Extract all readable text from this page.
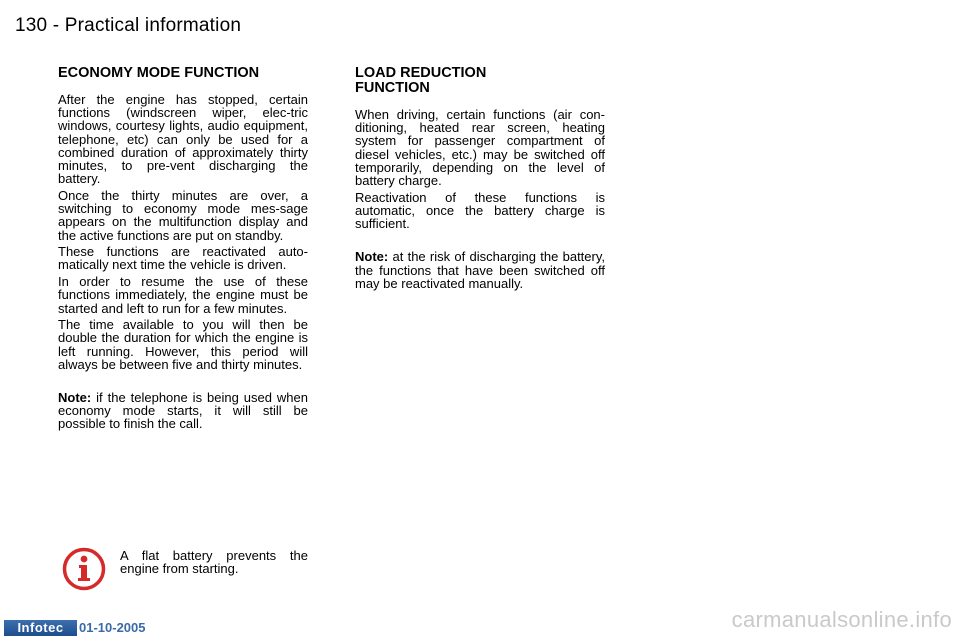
130 - Practical information
ECONOMY MODE FUNCTION

After the engine has stopped, certain functions (windscreen wiper, elec-tric windows, courtesy lights, audio equipment, telephone, etc) can only be used for a combined duration of approximately thirty minutes, to pre-vent discharging the battery.

Once the thirty minutes are over, a switching to economy mode mes-sage appears on the multifunction display and the active functions are put on standby.

These functions are reactivated auto-matically next time the vehicle is driven.

In order to resume the use of these functions immediately, the engine must be started and left to run for a few minutes.

The time available to you will then be double the duration for which the engine is left running. However, this period will always be between five and thirty minutes.

Note: if the telephone is being used when economy mode starts, it will still be possible to finish the call.

LOAD REDUCTION FUNCTION

When driving, certain functions (air con-ditioning, heated rear screen, heating system for passenger compartment of diesel vehicles, etc.) may be switched off temporarily, depending on the level of battery charge.

Reactivation of these functions is automatic, once the battery charge is sufficient.

Note: at the risk of discharging the battery, the functions that have been switched off may be reactivated manually.

A flat battery prevents the engine from starting.
Infotec	01-10-2005	carmanualsonline.info
